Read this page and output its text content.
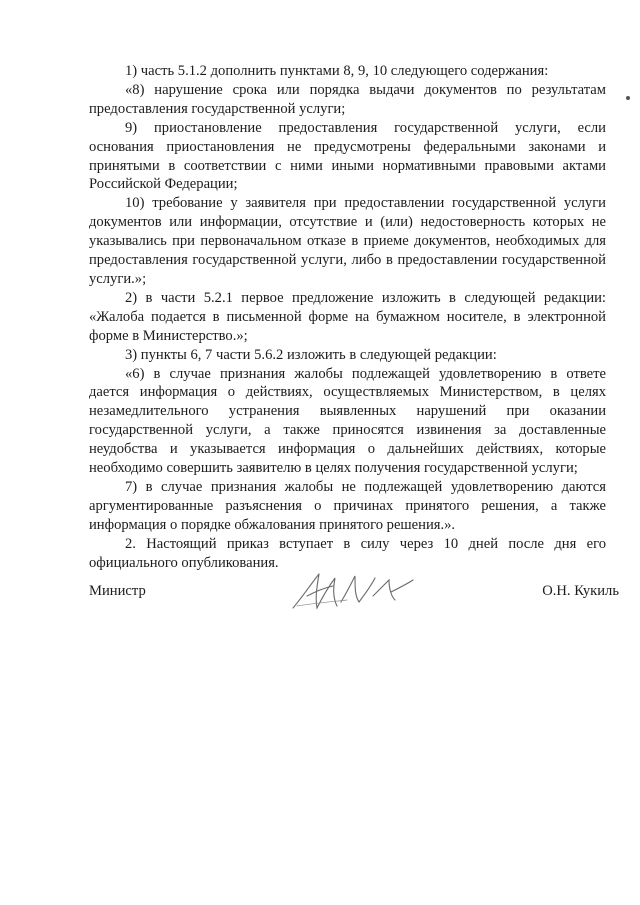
1) часть 5.1.2 дополнить пунктами 8, 9, 10 следующего содержания:

«8) нарушение срока или порядка выдачи документов по результатам предоставления государственной услуги;

9) приостановление предоставления государственной услуги, если основания приостановления не предусмотрены федеральными законами и принятыми в соответствии с ними иными нормативными правовыми актами Российской Федерации;

10) требование у заявителя при предоставлении государственной услуги документов или информации, отсутствие и (или) недостоверность которых не указывались при первоначальном отказе в приеме документов, необходимых для предоставления государственной услуги, либо в предоставлении государственной услуги.»;

2) в части 5.2.1 первое предложение изложить в следующей редакции: «Жалоба подается в письменной форме на бумажном носителе, в электронной форме в Министерство.»;

3) пункты 6, 7 части 5.6.2 изложить в следующей редакции:

«6) в случае признания жалобы подлежащей удовлетворению в ответе дается информация о действиях, осуществляемых Министерством, в целях незамедлительного устранения выявленных нарушений при оказании государственной услуги, а также приносятся извинения за доставленные неудобства и указывается информация о дальнейших действиях, которые необходимо совершить заявителю в целях получения государственной услуги;

7) в случае признания жалобы не подлежащей удовлетворению даются аргументированные разъяснения о причинах принятого решения, а также информация о порядке обжалования принятого решения.».

2. Настоящий приказ вступает в силу через 10 дней после дня его официального опубликования.

Министр	О.Н. Кукиль
